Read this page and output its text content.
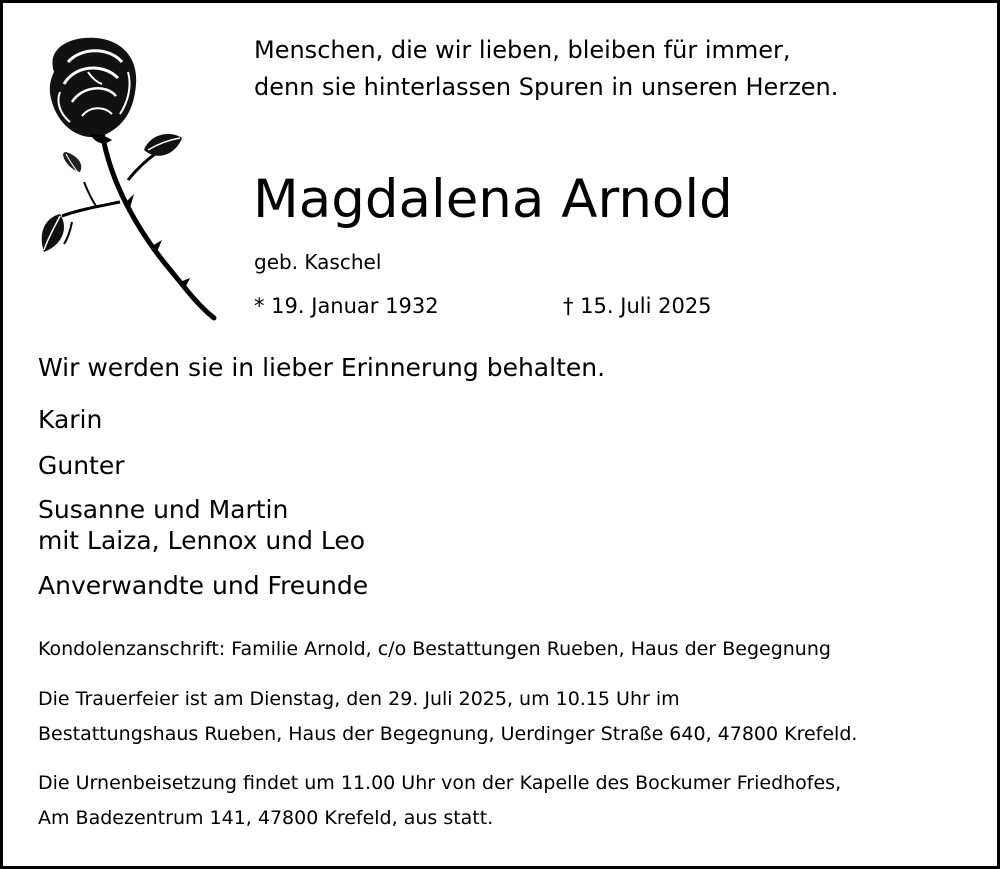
Menschen, die wir lieben, bleiben für immer,
denn sie hinterlassen Spuren in unseren Herzen.
Magdalena Arnold
geb. Kaschel
* 19. Januar 1932	† 15. Juli 2025
Wir werden sie in lieber Erinnerung behalten.
Karin
Gunter
Susanne und Martin
mit Laiza, Lennox und Leo
Anverwandte und Freunde
Kondolenzanschrift: Familie Arnold, c/o Bestattungen Rueben, Haus der Begegnung
Die Trauerfeier ist am Dienstag, den 29. Juli 2025, um 10.15 Uhr im
Bestattungshaus Rueben, Haus der Begegnung, Uerdinger Straße 640, 47800 Krefeld.
Die Urnenbeisetzung findet um 11.00 Uhr von der Kapelle des Bockumer Friedhofes,
Am Badezentrum 141, 47800 Krefeld, aus statt.
